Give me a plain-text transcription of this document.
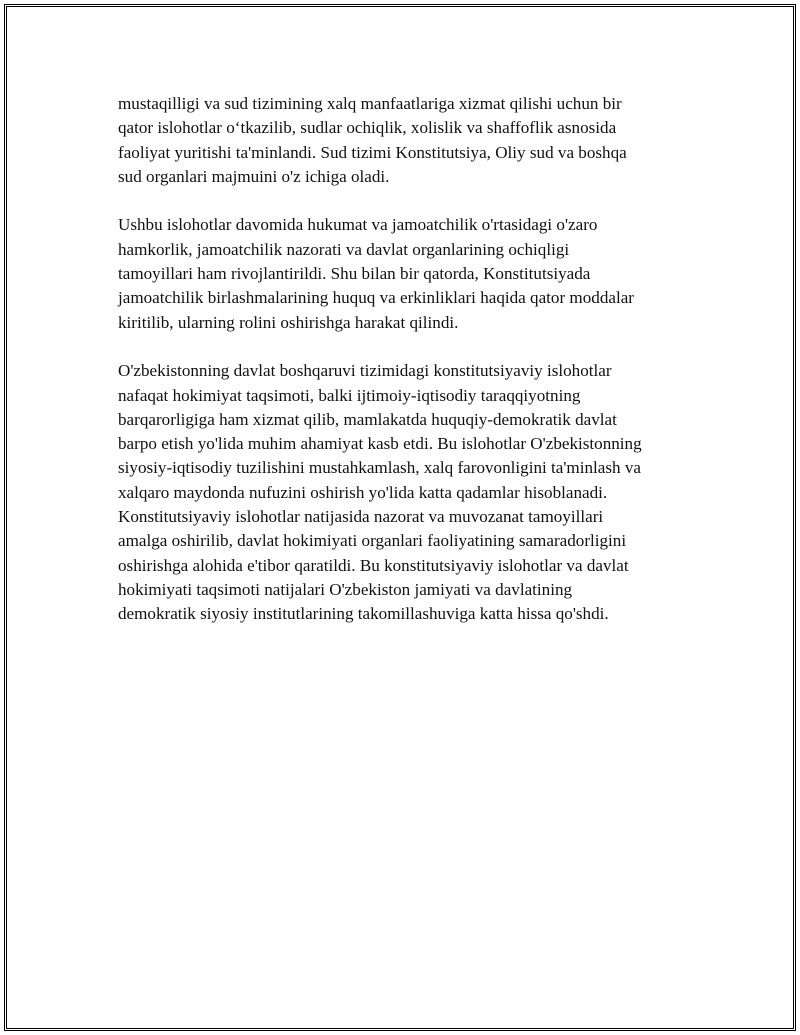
mustaqilligi va sud tizimining xalq manfaatlariga xizmat qilishi uchun bir
qator islohotlar o‘tkazilib, sudlar ochiqlik, xolislik va shaffoflik asnosida
faoliyat yuritishi ta'minlandi. Sud tizimi Konstitutsiya, Oliy sud va boshqa
sud organlari majmuini o'z ichiga oladi.

Ushbu islohotlar davomida hukumat va jamoatchilik o'rtasidagi o'zaro
hamkorlik, jamoatchilik nazorati va davlat organlarining ochiqligi
tamoyillari ham rivojlantirildi. Shu bilan bir qatorda, Konstitutsiyada
jamoatchilik birlashmalarining huquq va erkinliklari haqida qator moddalar
kiritilib, ularning rolini oshirishga harakat qilindi.

O'zbekistonning davlat boshqaruvi tizimidagi konstitutsiyaviy islohotlar
nafaqat hokimiyat taqsimoti, balki ijtimoiy-iqtisodiy taraqqiyotning
barqarorligiga ham xizmat qilib, mamlakatda huquqiy-demokratik davlat
barpo etish yo'lida muhim ahamiyat kasb etdi. Bu islohotlar O'zbekistonning
siyosiy-iqtisodiy tuzilishini mustahkamlash, xalq farovonligini ta'minlash va
xalqaro maydonda nufuzini oshirish yo'lida katta qadamlar hisoblanadi.
Konstitutsiyaviy islohotlar natijasida nazorat va muvozanat tamoyillari
amalga oshirilib, davlat hokimiyati organlari faoliyatining samaradorligini
oshirishga alohida e'tibor qaratildi. Bu konstitutsiyaviy islohotlar va davlat
hokimiyati taqsimoti natijalari O'zbekiston jamiyati va davlatining
demokratik siyosiy institutlarining takomillashuviga katta hissa qo'shdi.
